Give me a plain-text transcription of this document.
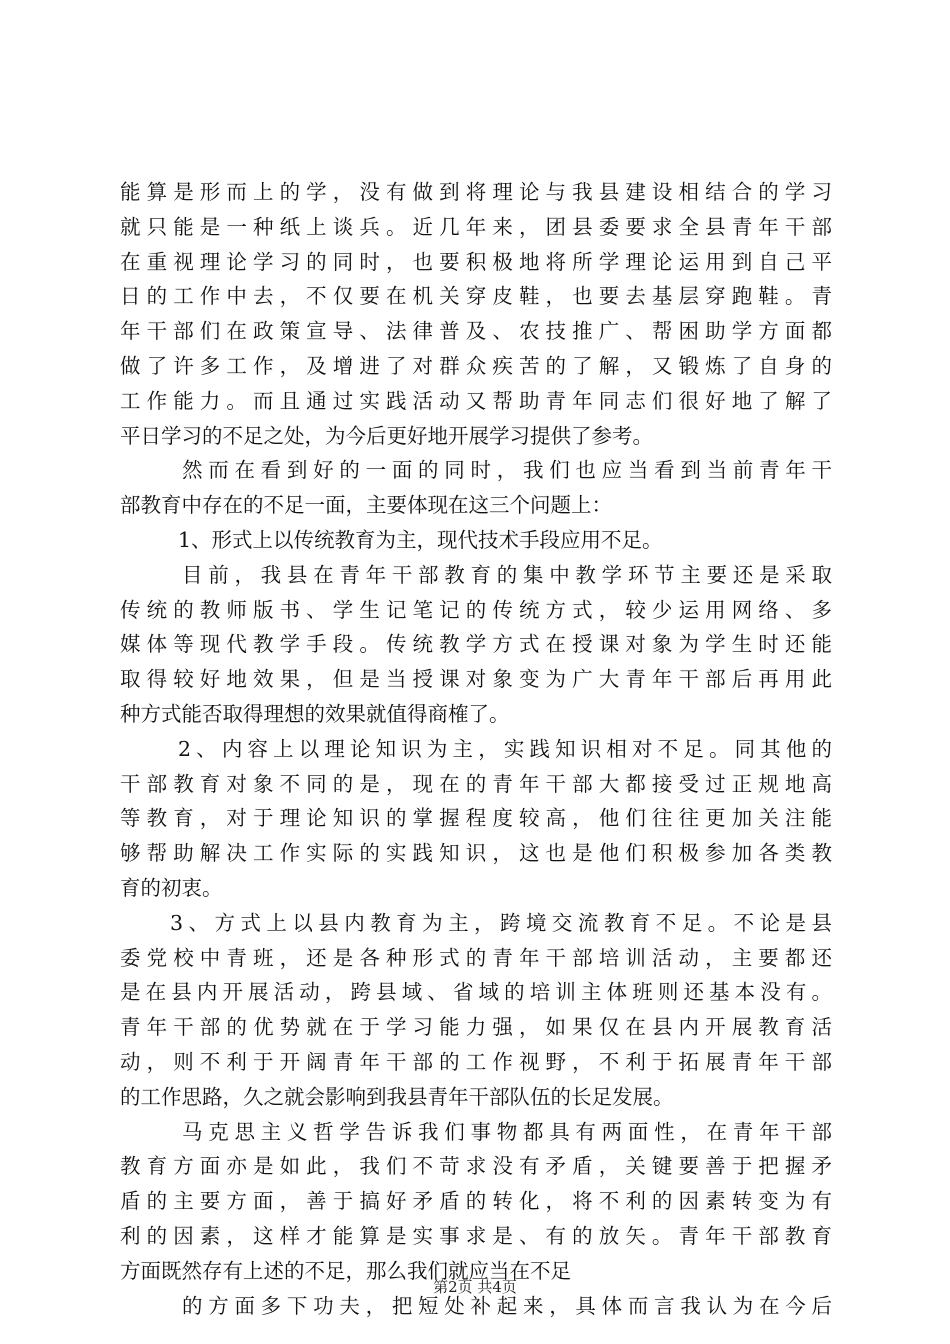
能算是形而上的学，没有做到将理论与我县建设相结合的学习
就只能是一种纸上谈兵。近几年来，团县委要求全县青年干部
在重视理论学习的同时，也要积极地将所学理论运用到自己平
日的工作中去，不仅要在机关穿皮鞋，也要去基层穿跑鞋。青
年干部们在政策宣导、法律普及、农技推广、帮困助学方面都
做了许多工作，及增进了对群众疾苦的了解，又锻炼了自身的
工作能力。而且通过实践活动又帮助青年同志们很好地了解了
平日学习的不足之处，为今后更好地开展学习提供了参考。
然而在看到好的一面的同时，我们也应当看到当前青年干
部教育中存在的不足一面，主要体现在这三个问题上：
1、形式上以传统教育为主，现代技术手段应用不足。
目前，我县在青年干部教育的集中教学环节主要还是采取
传统的教师版书、学生记笔记的传统方式，较少运用网络、多
媒体等现代教学手段。传统教学方式在授课对象为学生时还能
取得较好地效果，但是当授课对象变为广大青年干部后再用此
种方式能否取得理想的效果就值得商榷了。
2、内容上以理论知识为主，实践知识相对不足。同其他的
干部教育对象不同的是，现在的青年干部大都接受过正规地高
等教育，对于理论知识的掌握程度较高，他们往往更加关注能
够帮助解决工作实际的实践知识，这也是他们积极参加各类教
育的初衷。
3、方式上以县内教育为主，跨境交流教育不足。不论是县
委党校中青班，还是各种形式的青年干部培训活动，主要都还
是在县内开展活动，跨县域、省域的培训主体班则还基本没有。
青年干部的优势就在于学习能力强，如果仅在县内开展教育活
动，则不利于开阔青年干部的工作视野，不利于拓展青年干部
的工作思路，久之就会影响到我县青年干部队伍的长足发展。
马克思主义哲学告诉我们事物都具有两面性，在青年干部
教育方面亦是如此，我们不苛求没有矛盾，关键要善于把握矛
盾的主要方面，善于搞好矛盾的转化，将不利的因素转变为有
利的因素，这样才能算是实事求是、有的放矢。青年干部教育
方面既然存有上述的不足，那么我们就应当在不足
的方面多下功夫，把短处补起来，具体而言我认为在今后
第2页 共4页
